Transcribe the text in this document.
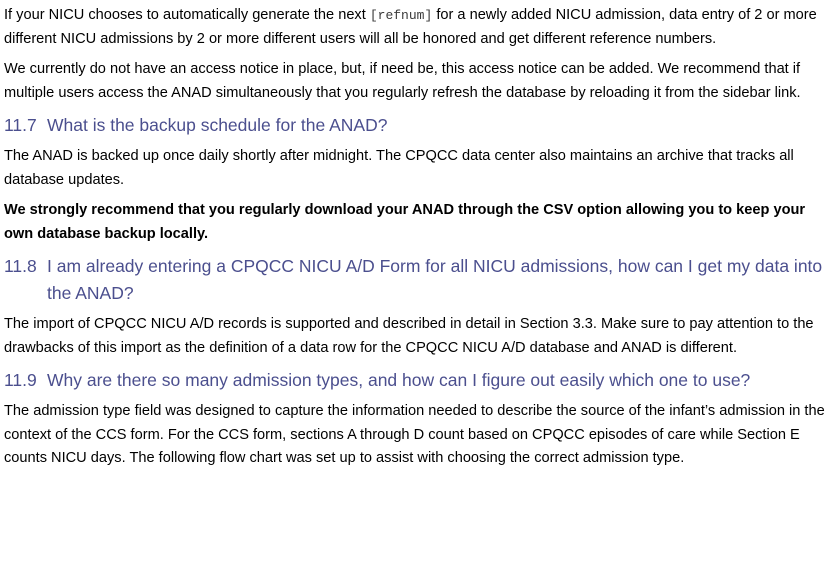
If your NICU chooses to automatically generate the next [refnum] for a newly added NICU admission, data entry of 2 or more different NICU admissions by 2 or more different users will all be honored and get different reference numbers.

We currently do not have an access notice in place, but, if need be, this access notice can be added. We recommend that if multiple users access the ANAD simultaneously that you regularly refresh the database by reloading it from the sidebar link.

11.7 What is the backup schedule for the ANAD?

The ANAD is backed up once daily shortly after midnight. The CPQCC data center also maintains an archive that tracks all database updates.

We strongly recommend that you regularly download your ANAD through the CSV option allowing you to keep your own database backup locally.

11.8 I am already entering a CPQCC NICU A/D Form for all NICU admissions, how can I get my data into the ANAD?

The import of CPQCC NICU A/D records is supported and described in detail in Section 3.3. Make sure to pay attention to the drawbacks of this import as the definition of a data row for the CPQCC NICU A/D database and ANAD is different.

11.9 Why are there so many admission types, and how can I figure out easily which one to use?

The admission type field was designed to capture the information needed to describe the source of the infant’s admission in the context of the CCS form. For the CCS form, sections A through D count based on CPQCC episodes of care while Section E counts NICU days. The following flow chart was set up to assist with choosing the correct admission type.
